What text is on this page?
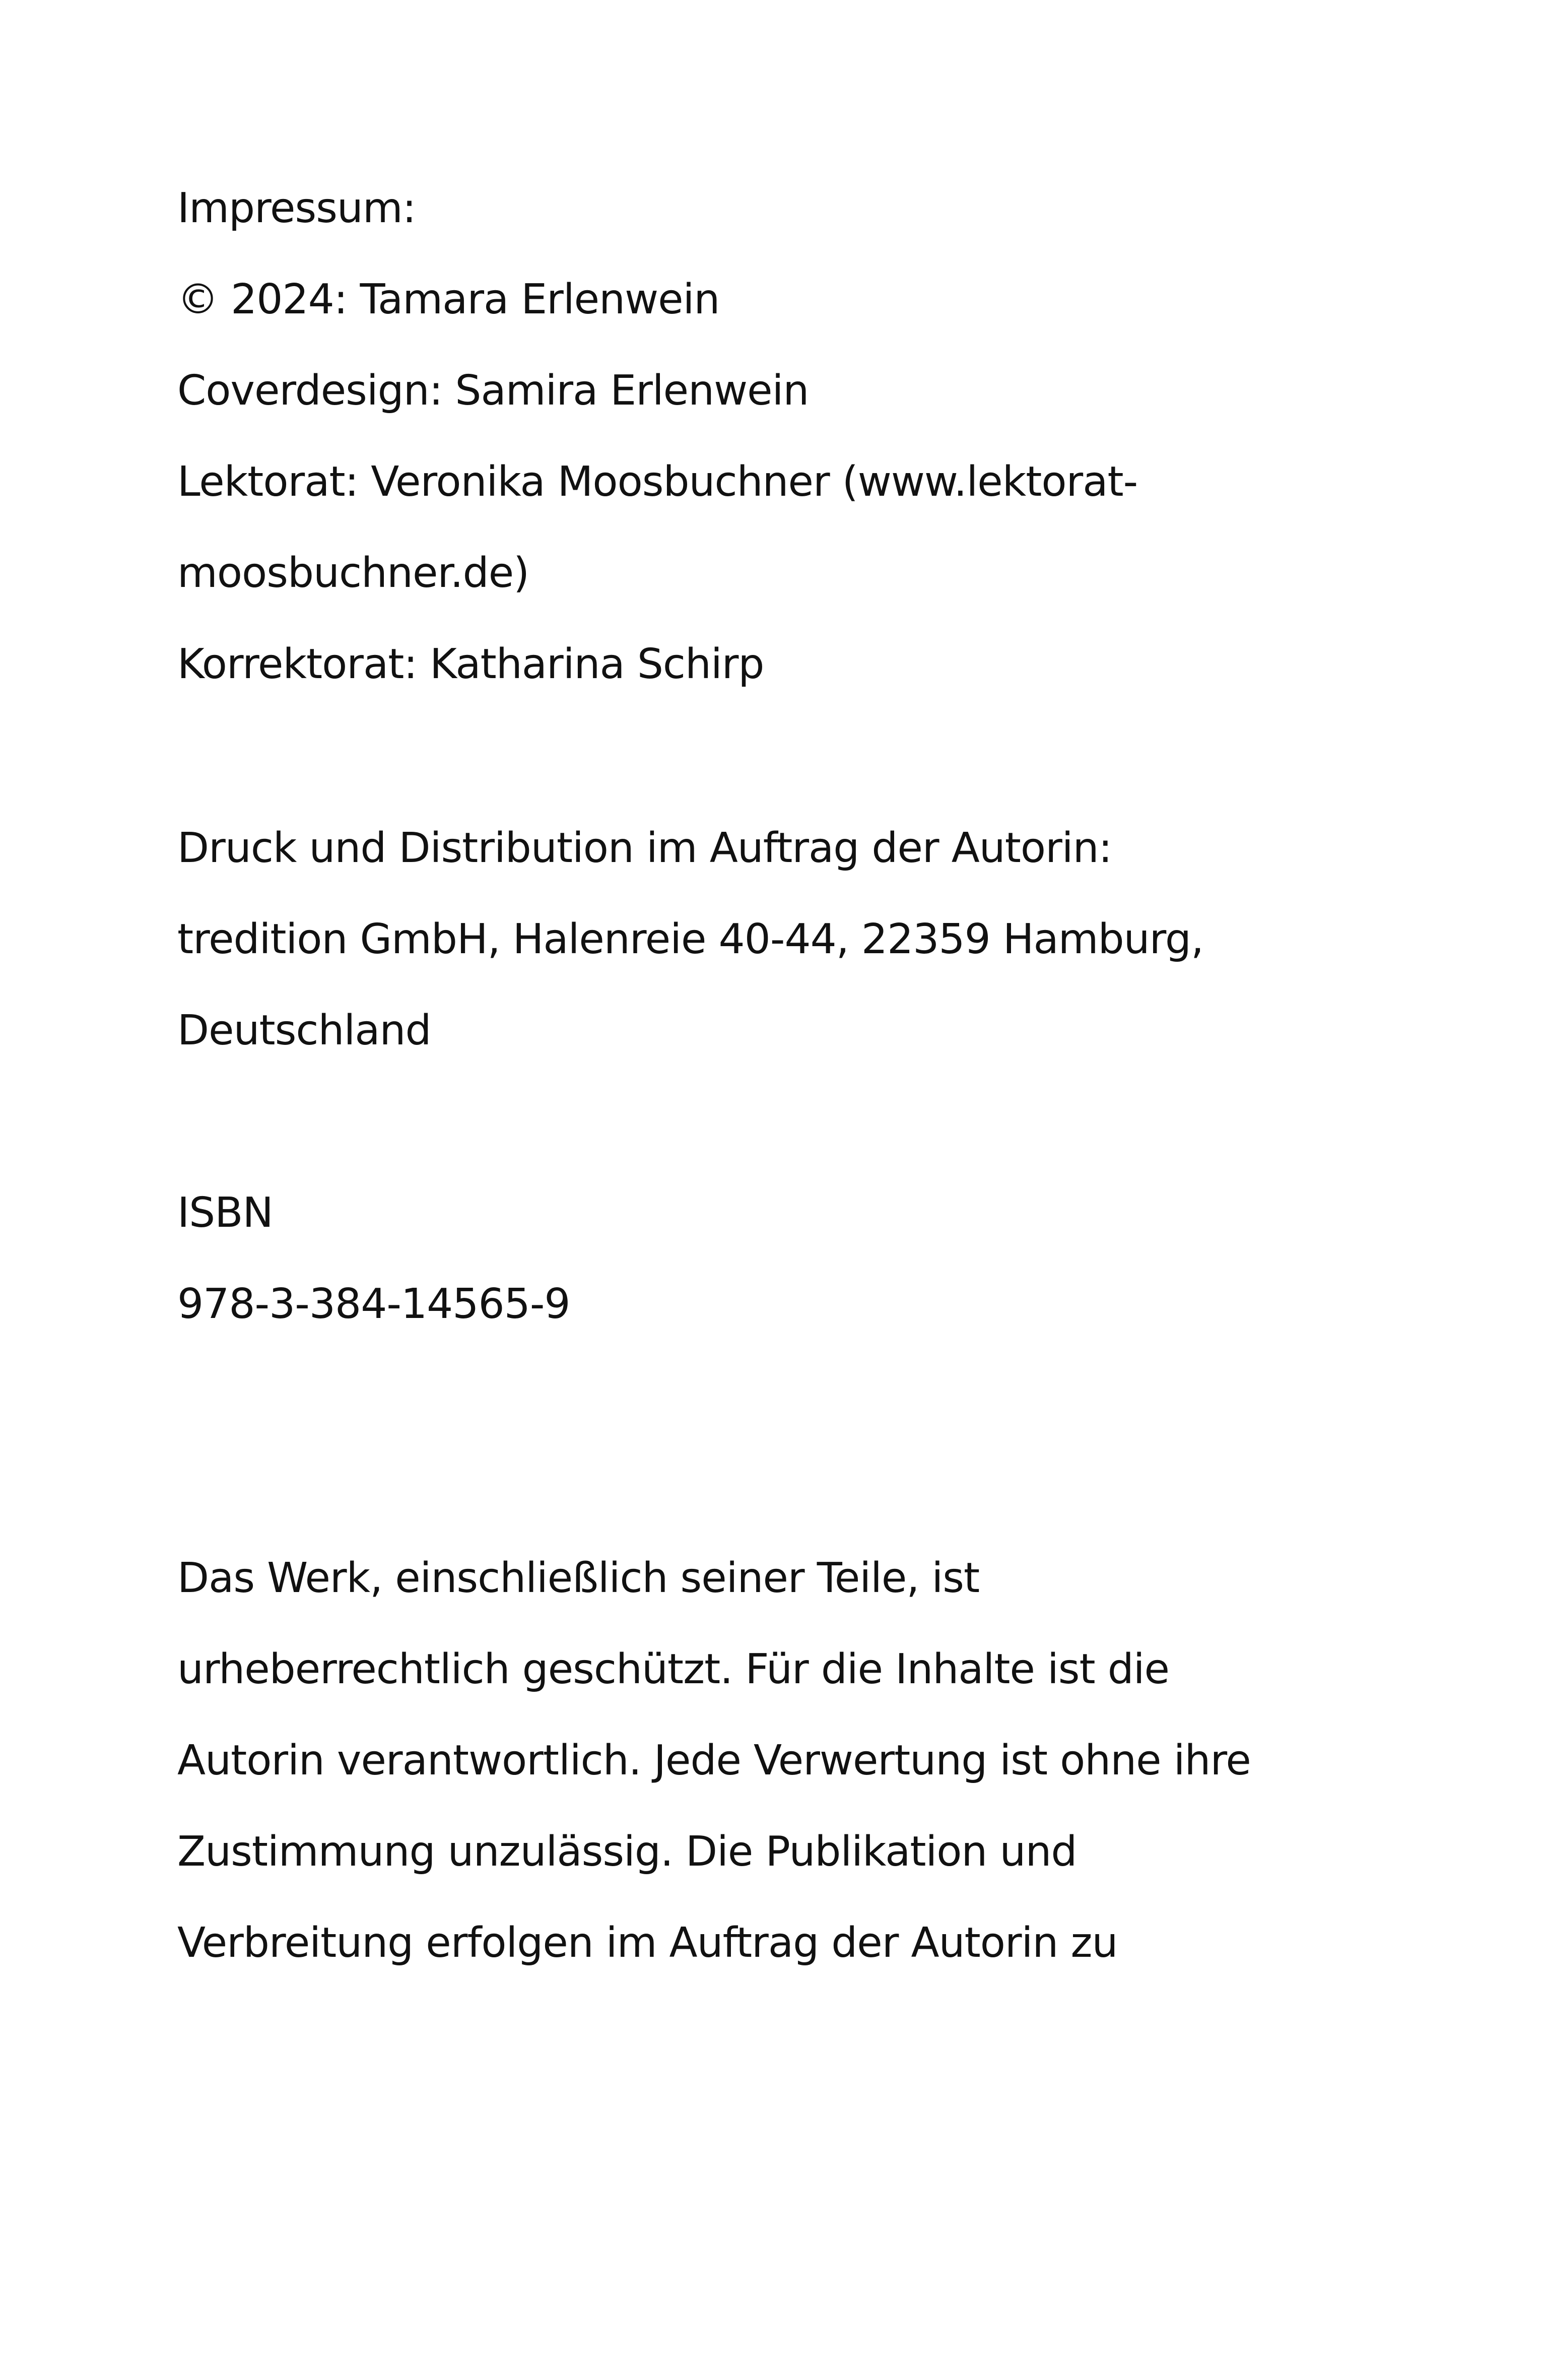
Impressum:
© 2024: Tamara Erlenwein
Coverdesign: Samira Erlenwein
Lektorat: Veronika Moosbuchner (www.lektorat-
moosbuchner.de)
Korrektorat: Katharina Schirp
Druck und Distribution im Auftrag der Autorin:
tredition GmbH, Halenreie 40-44, 22359 Hamburg,
Deutschland
ISBN
978-3-384-14565-9
Das Werk, einschließlich seiner Teile, ist
urheberrechtlich geschützt. Für die Inhalte ist die
Autorin verantwortlich. Jede Verwertung ist ohne ihre
Zustimmung unzulässig. Die Publikation und
Verbreitung erfolgen im Auftrag der Autorin zu
